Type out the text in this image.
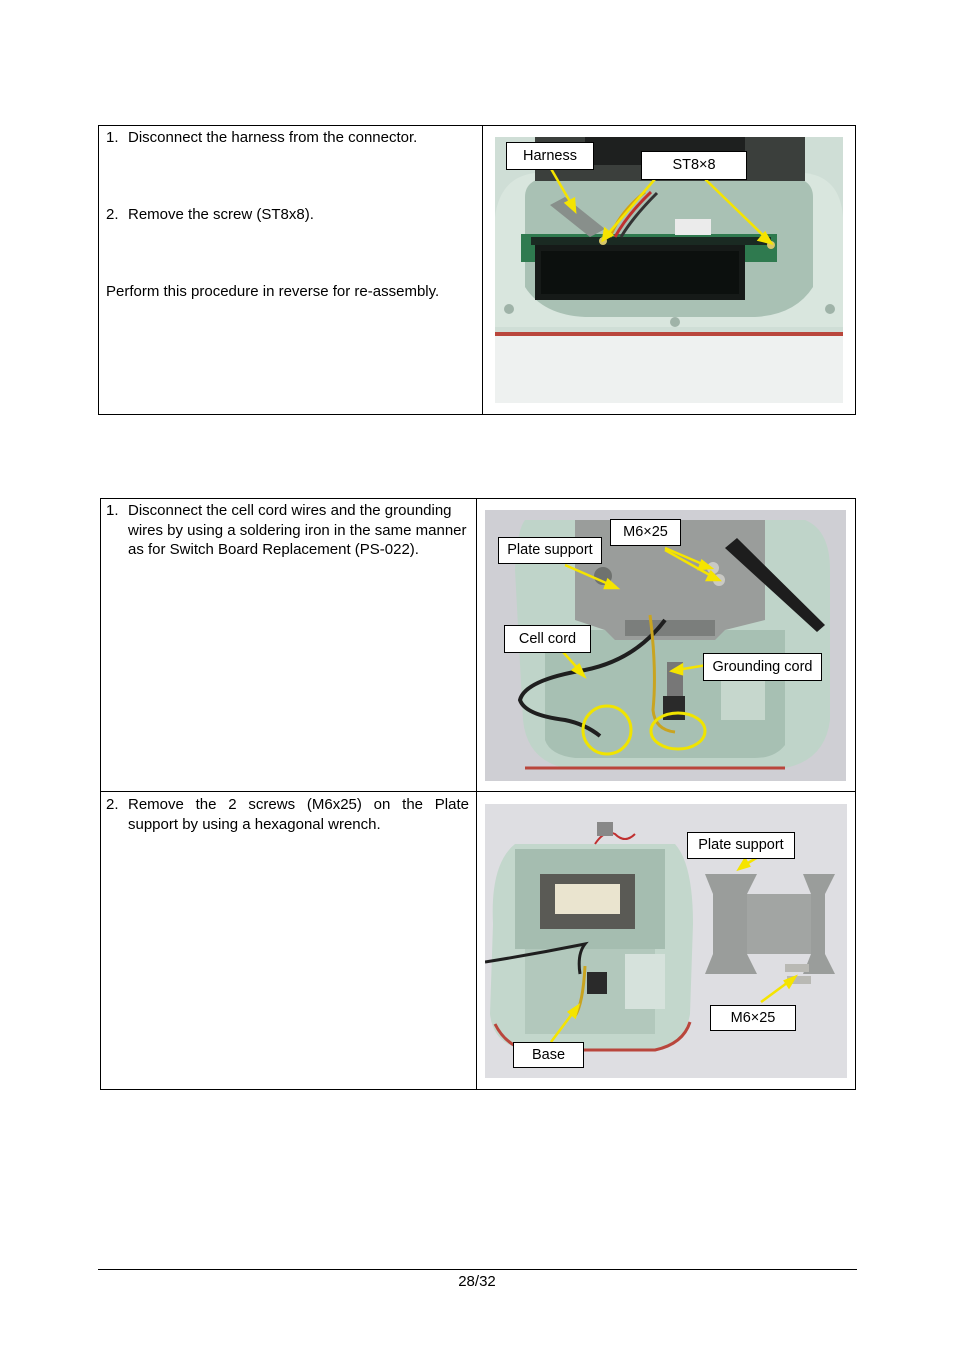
1. Disconnect the harness from the connector.
2. Remove the screw (ST8x8).
Perform this procedure in reverse for re-assembly.
Harness
ST8×8
1. Disconnect the cell cord wires and the grounding wires by using a soldering iron in the same manner as for Switch Board Replacement (PS-022).
2. Remove the 2 screws (M6x25) on the Plate support by using a hexagonal wrench.
M6×25
Plate support
Cell cord
Grounding cord
Plate support
M6×25
Base
28/32
